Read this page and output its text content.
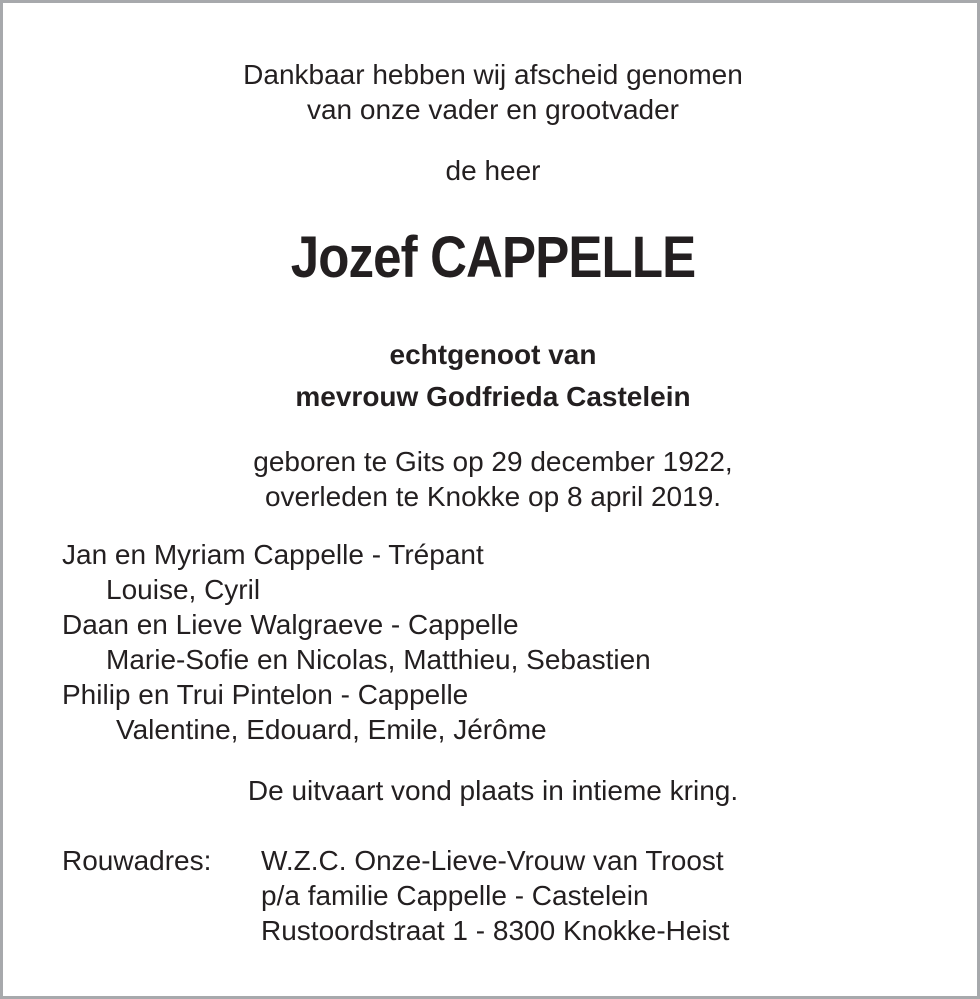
Dankbaar hebben wij afscheid genomen
van onze vader en grootvader
de heer
Jozef CAPPELLE
echtgenoot van
mevrouw Godfrieda Castelein
geboren te Gits op 29 december 1922,
overleden te Knokke op 8 april 2019.
Jan en Myriam Cappelle - Trépant
Louise, Cyril
Daan en Lieve Walgraeve - Cappelle
Marie-Sofie en Nicolas, Matthieu, Sebastien
Philip en Trui Pintelon - Cappelle
Valentine, Edouard, Emile, Jérôme
De uitvaart vond plaats in intieme kring.
Rouwadres: W.Z.C. Onze-Lieve-Vrouw van Troost
p/a familie Cappelle - Castelein
Rustoordstraat 1 - 8300 Knokke-Heist
